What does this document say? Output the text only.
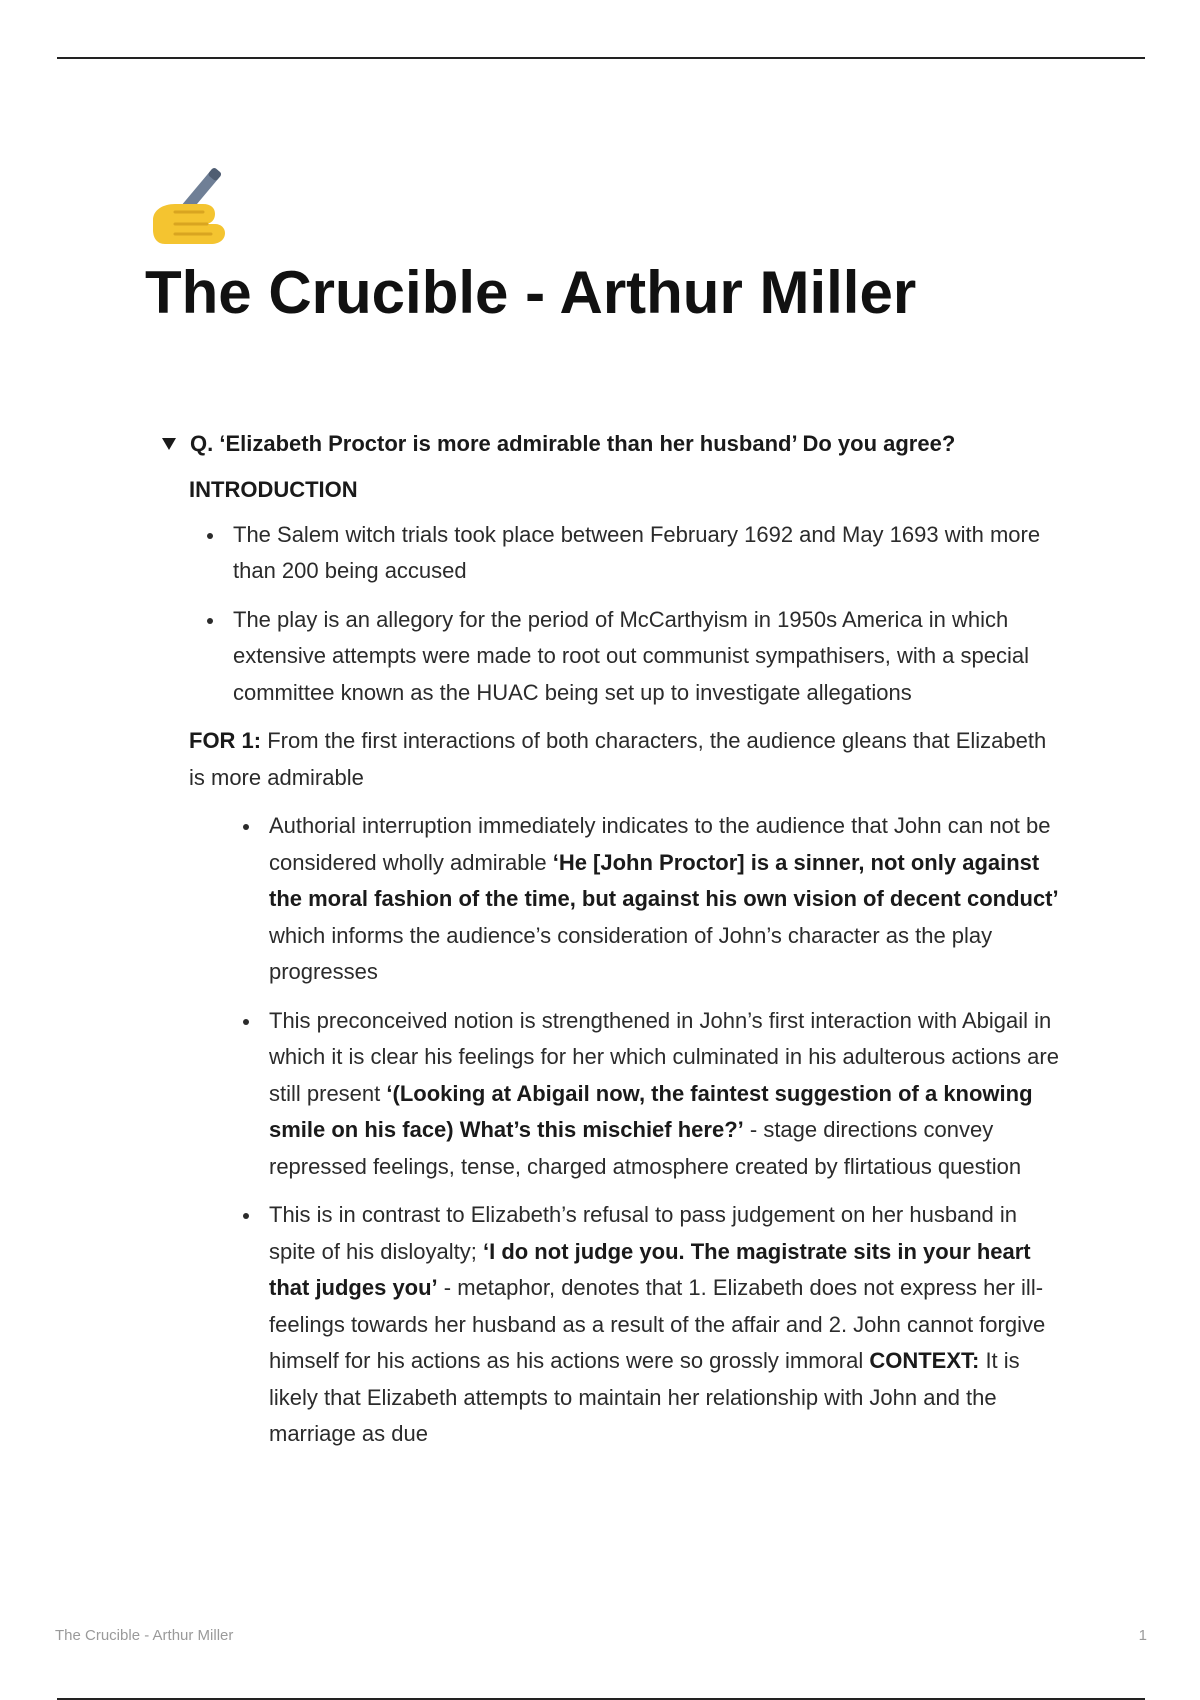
The Crucible - Arthur Miller
Q. ‘Elizabeth Proctor is more admirable than her husband’ Do you agree?
INTRODUCTION
The Salem witch trials took place between February 1692 and May 1693 with more than 200 being accused
The play is an allegory for the period of McCarthyism in 1950s America in which extensive attempts were made to root out communist sympathisers, with a special committee known as the HUAC being set up to investigate allegations
FOR 1: From the first interactions of both characters, the audience gleans that Elizabeth is more admirable
Authorial interruption immediately indicates to the audience that John can not be considered wholly admirable ‘He [John Proctor] is a sinner, not only against the moral fashion of the time, but against his own vision of decent conduct’ which informs the audience’s consideration of John’s character as the play progresses
This preconceived notion is strengthened in John’s first interaction with Abigail in which it is clear his feelings for her which culminated in his adulterous actions are still present ‘(Looking at Abigail now, the faintest suggestion of a knowing smile on his face) What’s this mischief here?’ - stage directions convey repressed feelings, tense, charged atmosphere created by flirtatious question
This is in contrast to Elizabeth’s refusal to pass judgement on her husband in spite of his disloyalty; ‘I do not judge you. The magistrate sits in your heart that judges you’ - metaphor, denotes that 1. Elizabeth does not express her ill-feelings towards her husband as a result of the affair and 2. John cannot forgive himself for his actions as his actions were so grossly immoral CONTEXT: It is likely that Elizabeth attempts to maintain her relationship with John and the marriage as due
The Crucible - Arthur Miller	1
